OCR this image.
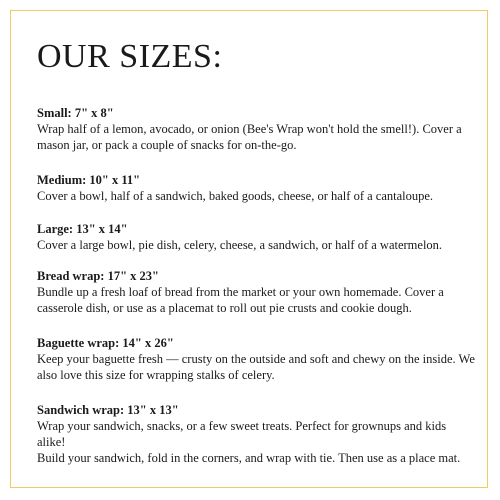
OUR SIZES:
Small: 7" x 8"
Wrap half of a lemon, avocado, or onion (Bee's Wrap won't hold the smell!). Cover a
mason jar, or pack a couple of snacks for on-the-go.
Medium: 10" x 11"
Cover a bowl, half of a sandwich, baked goods, cheese, or half of a cantaloupe.
Large: 13" x 14"
Cover a large bowl, pie dish, celery, cheese, a sandwich, or half of a watermelon.
Bread wrap: 17" x 23"
Bundle up a fresh loaf of bread from the market or your own homemade. Cover a
casserole dish, or use as a placemat to roll out pie crusts and cookie dough.
Baguette wrap: 14" x 26"
Keep your baguette fresh — crusty on the outside and soft and chewy on the inside. We
also love this size for wrapping stalks of celery.
Sandwich wrap: 13" x 13"
Wrap your sandwich, snacks, or a few sweet treats. Perfect for grownups and kids alike!
Build your sandwich, fold in the corners, and wrap with tie. Then use as a place mat.
